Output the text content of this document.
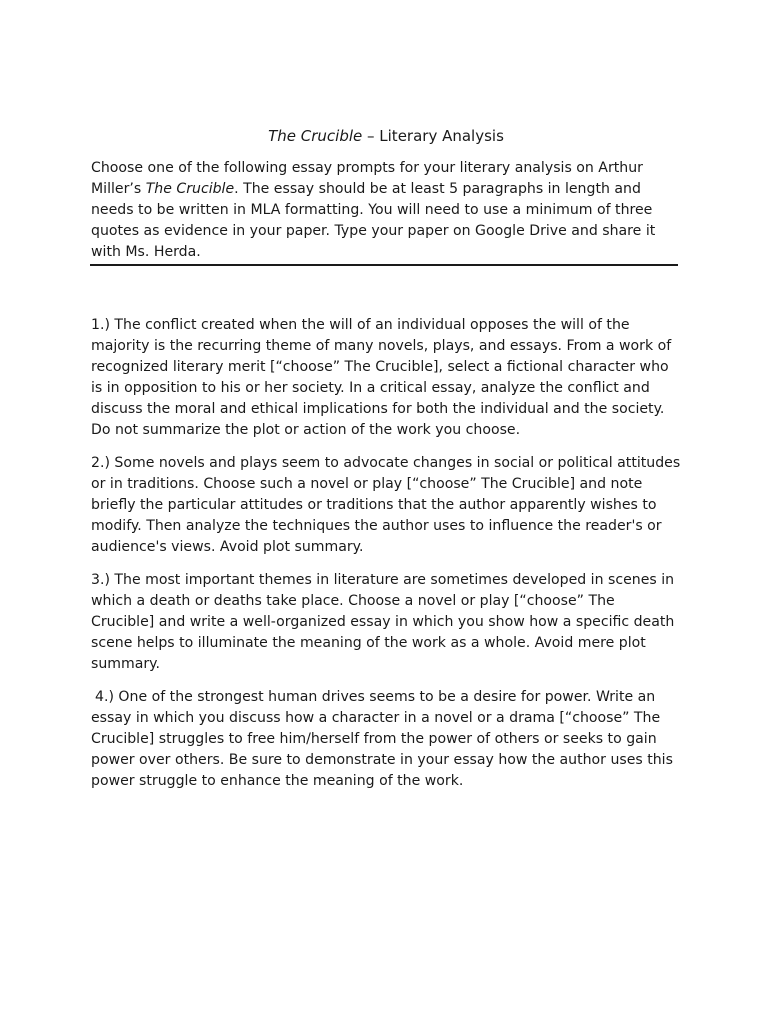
The Crucible – Literary Analysis

Choose one of the following essay prompts for your literary analysis on Arthur Miller’s The Crucible. The essay should be at least 5 paragraphs in length and needs to be written in MLA formatting. You will need to use a minimum of three quotes as evidence in your paper. Type your paper on Google Drive and share it with Ms. Herda.

1.) The conflict created when the will of an individual opposes the will of the majority is the recurring theme of many novels, plays, and essays. From a work of recognized literary merit [“choose” The Crucible], select a fictional character who is in opposition to his or her society. In a critical essay, analyze the conflict and discuss the moral and ethical implications for both the individual and the society. Do not summarize the plot or action of the work you choose.

2.) Some novels and plays seem to advocate changes in social or political attitudes or in traditions. Choose such a novel or play [“choose” The Crucible] and note briefly the particular attitudes or traditions that the author apparently wishes to modify. Then analyze the techniques the author uses to influence the reader's or audience's views. Avoid plot summary.

3.) The most important themes in literature are sometimes developed in scenes in which a death or deaths take place. Choose a novel or play [“choose” The Crucible] and write a well-organized essay in which you show how a specific death scene helps to illuminate the meaning of the work as a whole. Avoid mere plot summary.

4.) One of the strongest human drives seems to be a desire for power. Write an essay in which you discuss how a character in a novel or a drama [“choose” The Crucible] struggles to free him/herself from the power of others or seeks to gain power over others. Be sure to demonstrate in your essay how the author uses this power struggle to enhance the meaning of the work.
